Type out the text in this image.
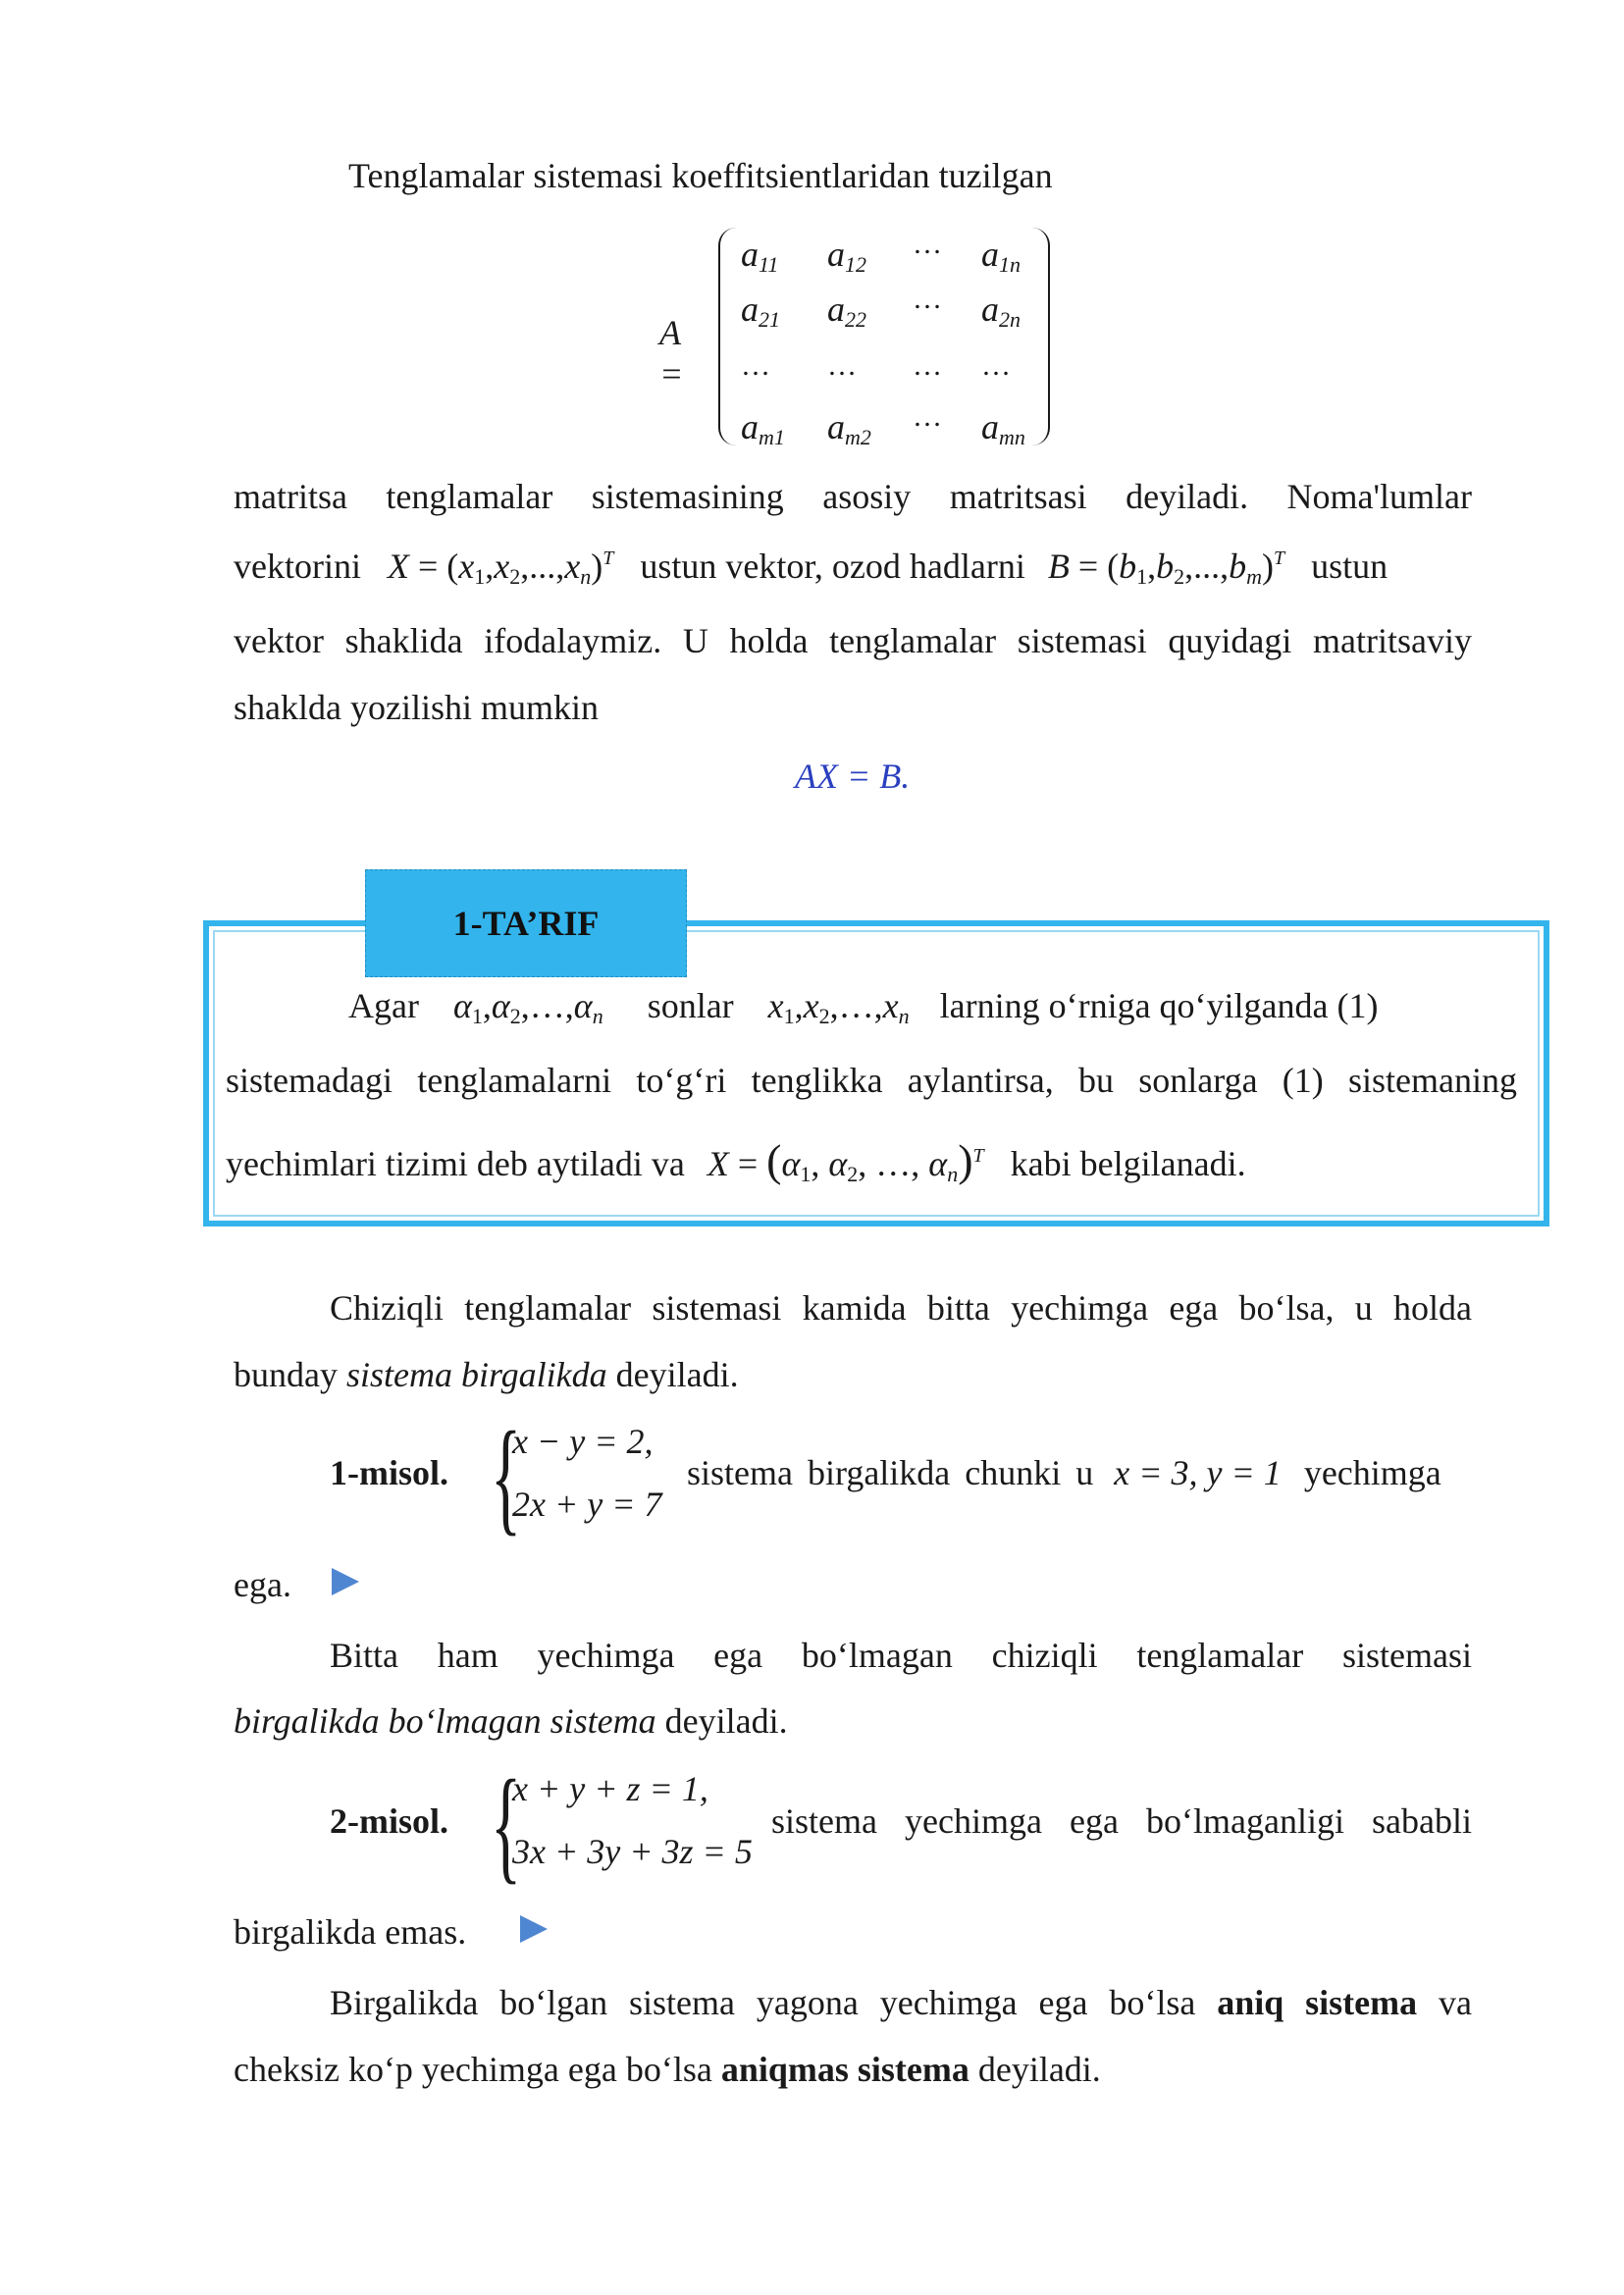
Tenglamalar sistemasi koeffitsientlaridan tuzilgan
A =
$a_{11}$ $a_{12}$
… $a_{1n}$
$a_{21}$ $a_{22}$
… $a_{2n}$
… … … …
$a_{m1}$ $a_{m2}$
… $a_{mn}$
matritsa tenglamalar sistemasining asosiy matritsasi deyiladi. Noma'lumlar
vektorini $X = (x_1,x_2,...,x_n)^T$ ustun vektor, ozod hadlarni $B = (b_1,b_2,...,b_m)^T$ ustun
vektor shaklida ifodalaymiz. U holda tenglamalar sistemasi quyidagi matritsaviy
shaklda yozilishi mumkin
AX = B.
1-TA’RIF
Agar $\alpha_1,\alpha_2,\dots,\alpha_n$ sonlar $x_1,x_2,\dots,x_n$ larning o‘rniga qo‘yilganda (1)
sistemadagi tenglamalarni to‘g‘ri tenglikka aylantirsa, bu sonlarga (1) sistemaning
yechimlari tizimi deb aytiladi va $X = (\alpha_1$, $\alpha_2$, …, $\alpha_n)^T$ kabi belgilanadi.
Chiziqli tenglamalar sistemasi kamida bitta yechimga ega bo‘lsa, u holda
bunday sistema birgalikda deyiladi.
1-misol. {
x − y = 2,
2x + y = 7
sistema birgalikda chunki u x = 3, y = 1 yechimga
ega.
Bitta ham yechimga ega bo‘lmagan chiziqli tenglamalar sistemasi
birgalikda bo‘lmagan sistema deyiladi.
2-misol. {
x + y + z = 1,
3x + 3y + 3z = 5
sistema yechimga ega bo‘lmaganligi sababli
birgalikda emas.
Birgalikda bo‘lgan sistema yagona yechimga ega bo‘lsa aniq sistema va
cheksiz ko‘p yechimga ega bo‘lsa aniqmas sistema deyiladi.
